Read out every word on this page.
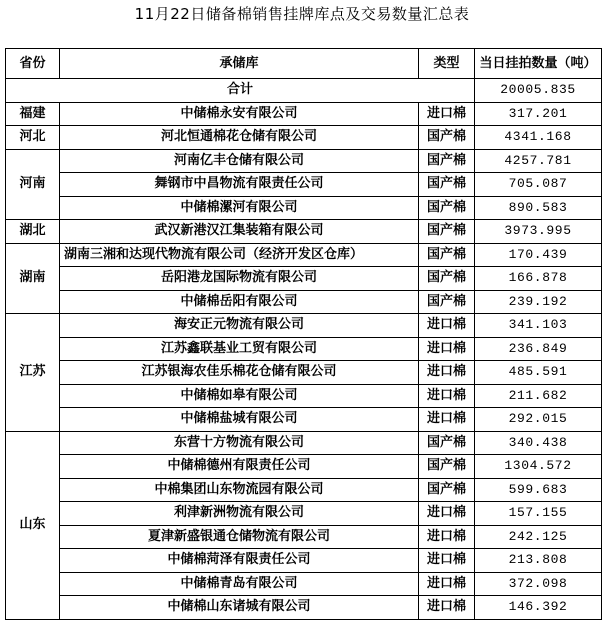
11月22日储备棉销售挂牌库点及交易数量汇总表
省份	承储库	类型	当日挂拍数量（吨）
合计			20005.835
福建	中储棉永安有限公司	进口棉	317.201
河北	河北恒通棉花仓储有限公司	国产棉	4341.168
河南	河南亿丰仓储有限公司	国产棉	4257.781
	舞钢市中昌物流有限责任公司	国产棉	705.087
	中储棉漯河有限公司	国产棉	890.583
湖北	武汉新港汉江集装箱有限公司	国产棉	3973.995
湖南	湖南三湘和达现代物流有限公司（经济开发区仓库）	国产棉	170.439
	岳阳港龙国际物流有限公司	国产棉	166.878
	中储棉岳阳有限公司	国产棉	239.192
江苏	海安正元物流有限公司	进口棉	341.103
	江苏鑫联基业工贸有限公司	进口棉	236.849
	江苏银海农佳乐棉花仓储有限公司	进口棉	485.591
	中储棉如皋有限公司	进口棉	211.682
	中储棉盐城有限公司	进口棉	292.015
山东	东营十方物流有限公司	国产棉	340.438
	中储棉德州有限责任公司	国产棉	1304.572
	中棉集团山东物流园有限公司	国产棉	599.683
	利津新洲物流有限公司	进口棉	157.155
	夏津新盛银通仓储物流有限公司	进口棉	242.125
	中储棉菏泽有限责任公司	进口棉	213.808
	中储棉青岛有限公司	进口棉	372.098
	中储棉山东诸城有限公司	进口棉	146.392
